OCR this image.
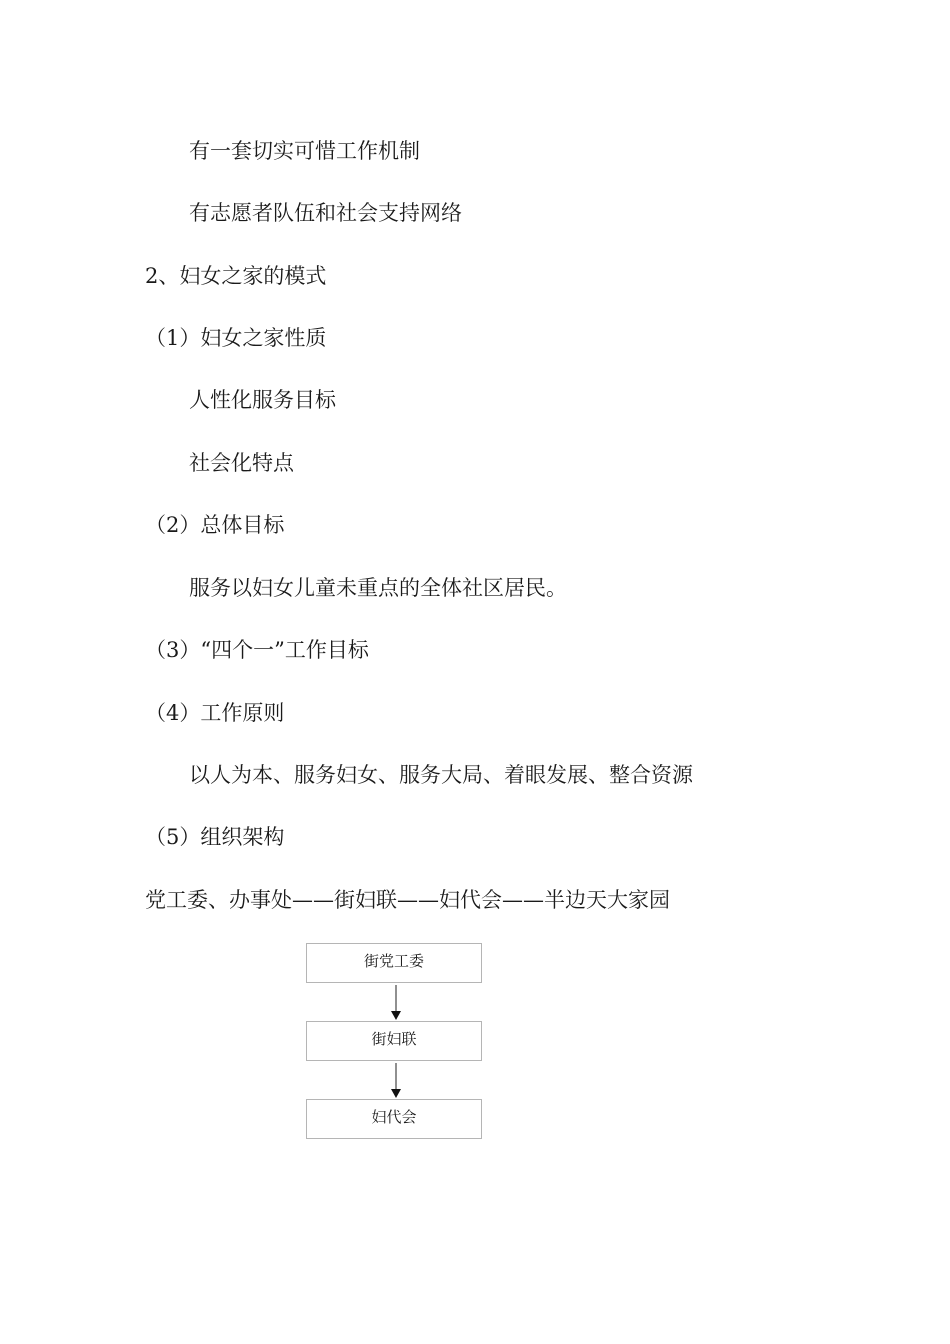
有一套切实可惜工作机制
有志愿者队伍和社会支持网络
2、妇女之家的模式
（1）妇女之家性质
人性化服务目标
社会化特点
（2）总体目标
服务以妇女儿童未重点的全体社区居民。
（3）“四个一”工作目标
（4）工作原则
以人为本、服务妇女、服务大局、着眼发展、整合资源
（5）组织架构
党工委、办事处——街妇联——妇代会——半边天大家园
街党工委
街妇联
妇代会
